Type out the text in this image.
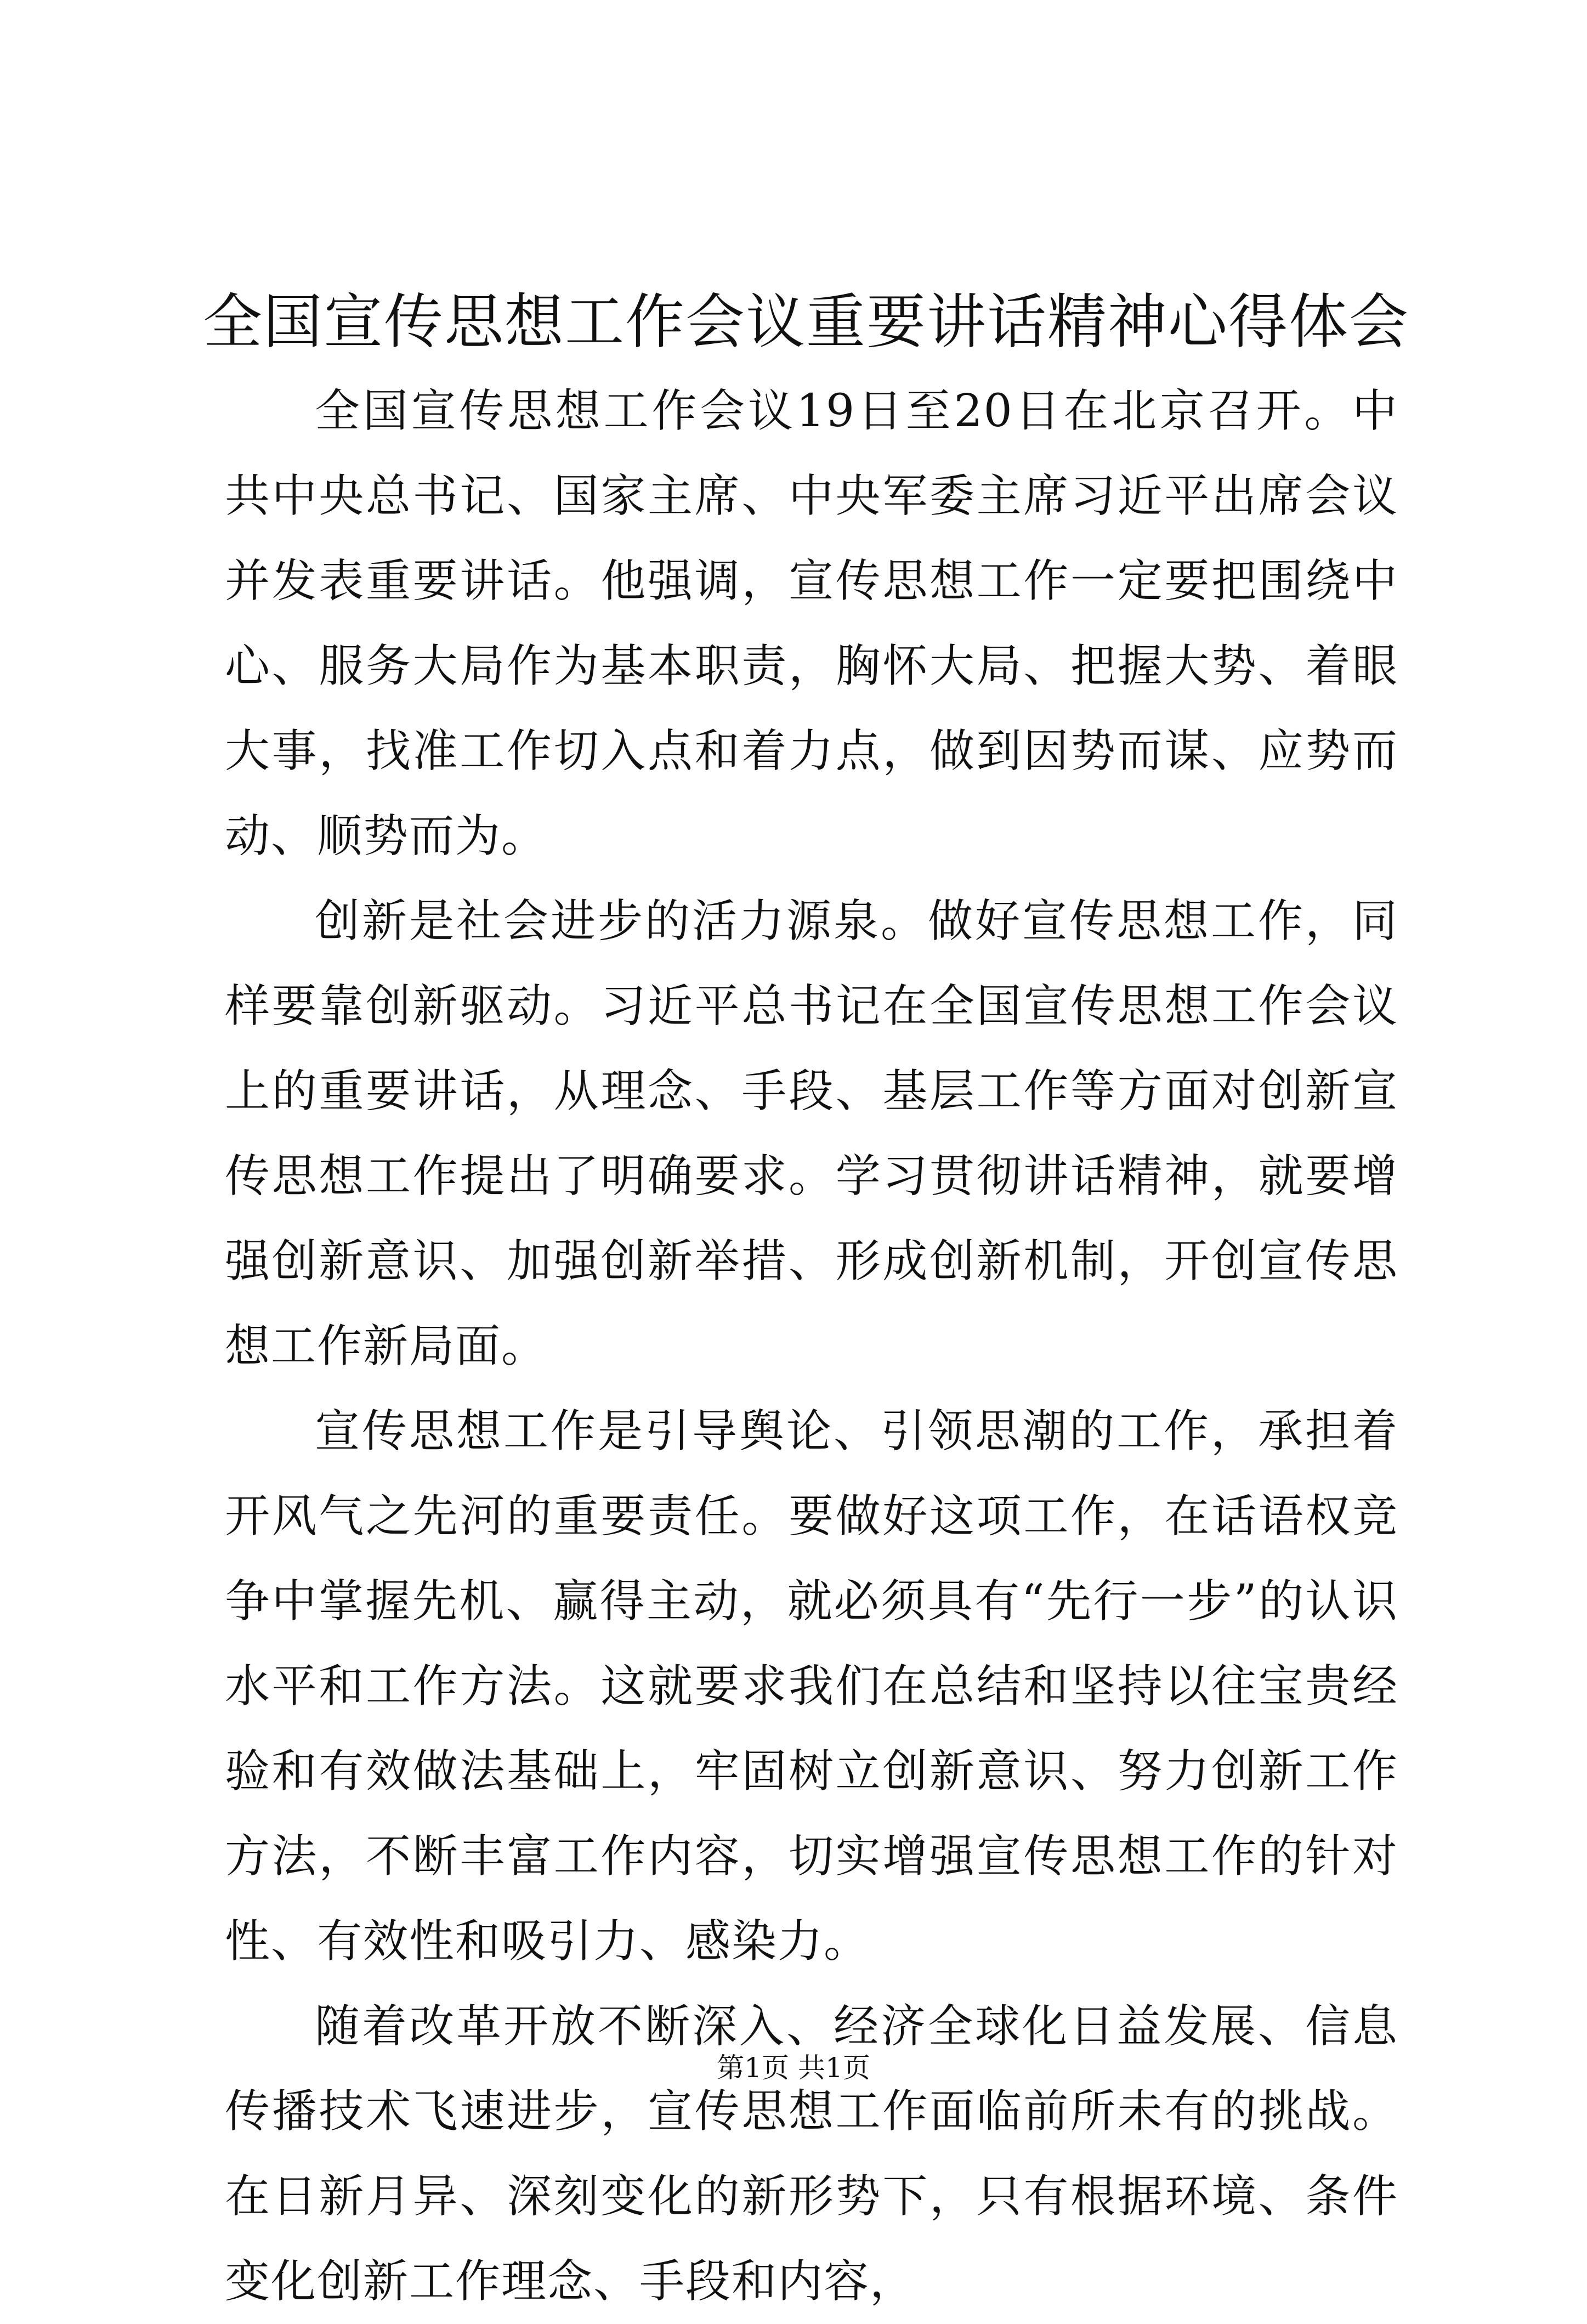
全国宣传思想工作会议重要讲话精神心得体会

全国宣传思想工作会议19日至20日在北京召开。中共中央总书记、国家主席、中央军委主席习近平出席会议并发表重要讲话。他强调，宣传思想工作一定要把围绕中心、服务大局作为基本职责，胸怀大局、把握大势、着眼大事，找准工作切入点和着力点，做到因势而谋、应势而动、顺势而为。

创新是社会进步的活力源泉。做好宣传思想工作，同样要靠创新驱动。习近平总书记在全国宣传思想工作会议上的重要讲话，从理念、手段、基层工作等方面对创新宣传思想工作提出了明确要求。学习贯彻讲话精神，就要增强创新意识、加强创新举措、形成创新机制，开创宣传思想工作新局面。

宣传思想工作是引导舆论、引领思潮的工作，承担着开风气之先河的重要责任。要做好这项工作，在话语权竞争中掌握先机、赢得主动，就必须具有“先行一步”的认识水平和工作方法。这就要求我们在总结和坚持以往宝贵经验和有效做法基础上，牢固树立创新意识、努力创新工作方法，不断丰富工作内容，切实增强宣传思想工作的针对性、有效性和吸引力、感染力。

随着改革开放不断深入、经济全球化日益发展、信息传播技术飞速进步，宣传思想工作面临前所未有的挑战。在日新月异、深刻变化的新形势下，只有根据环境、条件变化创新工作理念、手段和内容，

第1页 共1页
